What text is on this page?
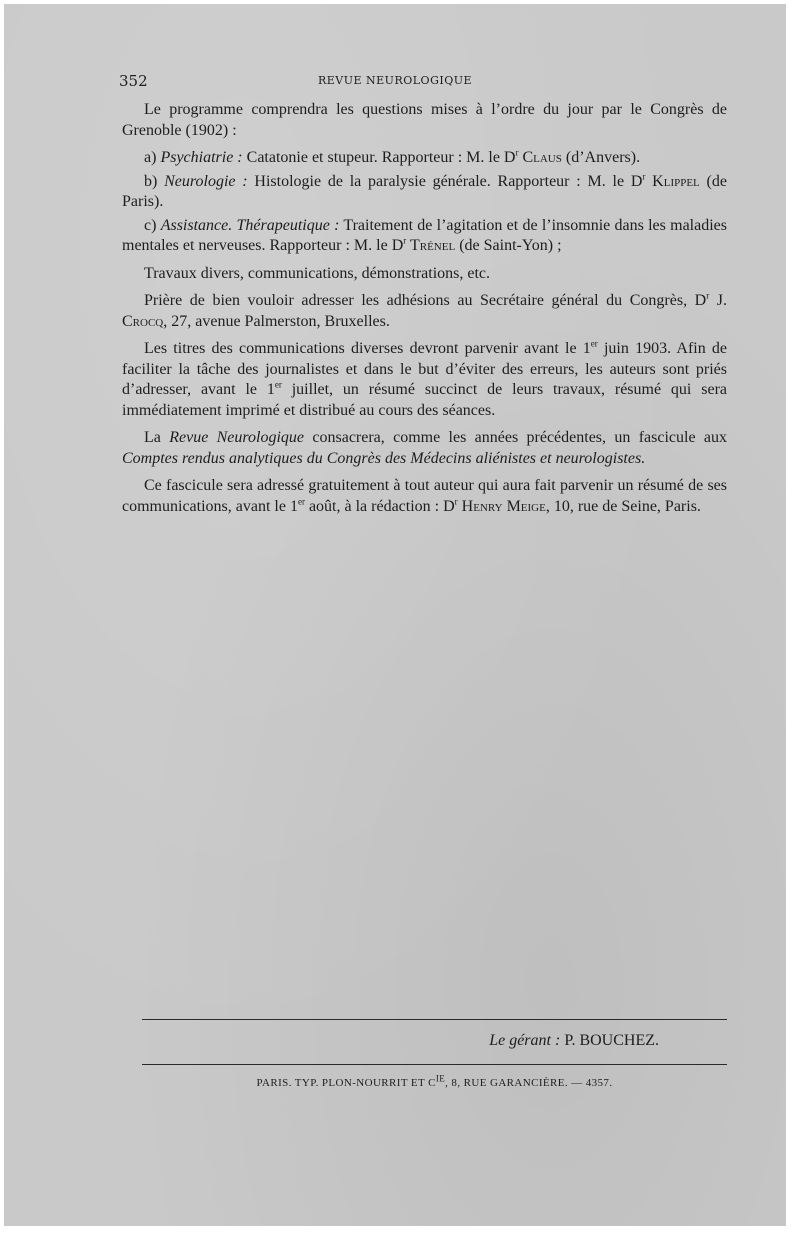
352	REVUE NEUROLOGIQUE

Le programme comprendra les questions mises à l’ordre du jour par le Congrès de Grenoble (1902) :

a) Psychiatrie : Catatonie et stupeur. Rapporteur : M. le $D^r$ Claus (d’Anvers).

b) Neurologie : Histologie de la paralysie générale. Rapporteur : M. le $D^r$ Klippel (de Paris).

c) Assistance. Thérapeutique : Traitement de l’agitation et de l’insomnie dans les maladies mentales et nerveuses. Rapporteur : M. le $D^r$ Trénel (de Saint-Yon) ;

Travaux divers, communications, démonstrations, etc.

Prière de bien vouloir adresser les adhésions au Secrétaire général du Congrès, $D^r$ J. Crocq, 27, avenue Palmerston, Bruxelles.

Les titres des communications diverses devront parvenir avant le 1er juin 1903. Afin de faciliter la tâche des journalistes et dans le but d’éviter des erreurs, les auteurs sont priés d’adresser, avant le 1er juillet, un résumé succinct de leurs travaux, résumé qui sera immédiatement imprimé et distribué au cours des séances.

La Revue Neurologique consacrera, comme les années précédentes, un fascicule aux Comptes rendus analytiques du Congrès des Médecins aliénistes et neurologistes.

Ce fascicule sera adressé gratuitement à tout auteur qui aura fait parvenir un résumé de ses communications, avant le 1er août, à la rédaction : $D^r$ Henry Meige, 10, rue de Seine, Paris.

Le gérant : P. BOUCHEZ.
PARIS. TYP. PLON-NOURRIT ET $C^{IE}$, 8, RUE GARANCIÈRE. — 4357.
